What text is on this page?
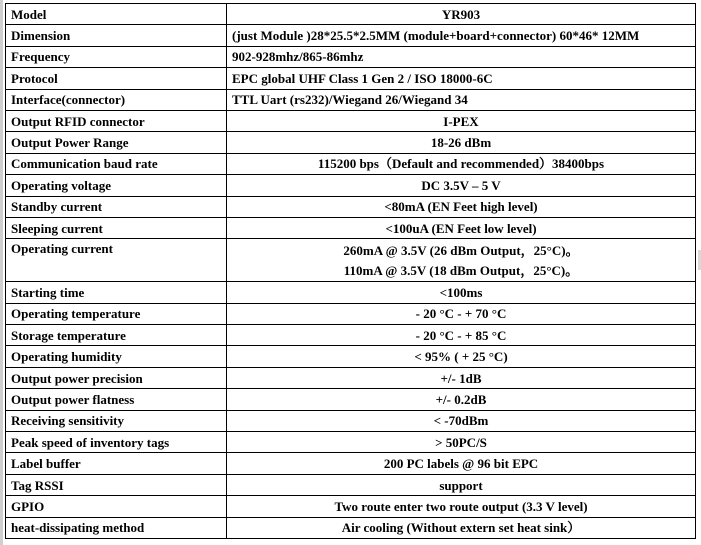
Model	YR903
Dimension	(just Module )28*25.5*2.5MM (module+board+connector) 60*46* 12MM
Frequency	902-928mhz/865-86mhz
Protocol	EPC global UHF Class 1 Gen 2 / ISO 18000-6C
Interface(connector)	TTL Uart (rs232)/Wiegand 26/Wiegand 34
Output RFID connector	I-PEX
Output Power Range	18-26 dBm
Communication baud rate	115200 bps（Default and recommended）38400bps
Operating voltage	DC 3.5V – 5 V
Standby current	<80mA (EN Feet high level)
Sleeping current	<100uA (EN Feet low level)
Operating current	260mA @ 3.5V (26 dBm Output，25°C)。
110mA @ 3.5V (18 dBm Output，25°C)。

Starting time	<100ms
Operating temperature	- 20 °C - + 70 °C
Storage temperature	- 20 °C - + 85 °C
Operating humidity	< 95% ( + 25 °C)
Output power precision	+/- 1dB
Output power flatness	+/- 0.2dB
Receiving sensitivity	< -70dBm
Peak speed of inventory tags	> 50PC/S
Label buffer	200 PC labels @ 96 bit EPC
Tag RSSI	support
GPIO	Two route enter two route output (3.3 V level)
heat-dissipating method	Air cooling (Without extern set heat sink）
